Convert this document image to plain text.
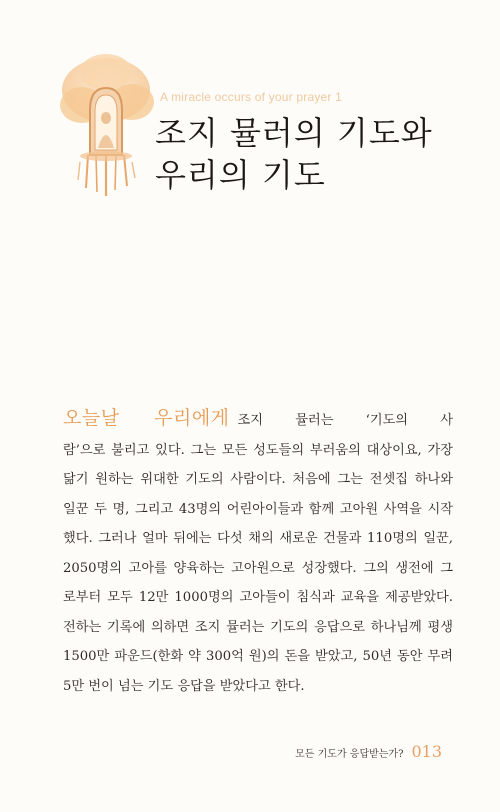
A miracle occurs of your prayer 1
조지 뮬러의 기도와
우리의 기도
오늘날 우리에게 조지 뮬러는 ‘기도의 사
람’으로 불리고 있다. 그는 모든 성도들의 부러움의 대상이요, 가장
닮기 원하는 위대한 기도의 사람이다. 처음에 그는 전셋집 하나와
일꾼 두 명, 그리고 43명의 어린아이들과 함께 고아원 사역을 시작
했다. 그러나 얼마 뒤에는 다섯 채의 새로운 건물과 110명의 일꾼,
2050명의 고아를 양육하는 고아원으로 성장했다. 그의 생전에 그
로부터 모두 12만 1000명의 고아들이 침식과 교육을 제공받았다.
전하는 기록에 의하면 조지 뮬러는 기도의 응답으로 하나님께 평생
1500만 파운드(한화 약 300억 원)의 돈을 받았고, 50년 동안 무려
5만 번이 넘는 기도 응답을 받았다고 한다.
모든 기도가 응답받는가? 013
